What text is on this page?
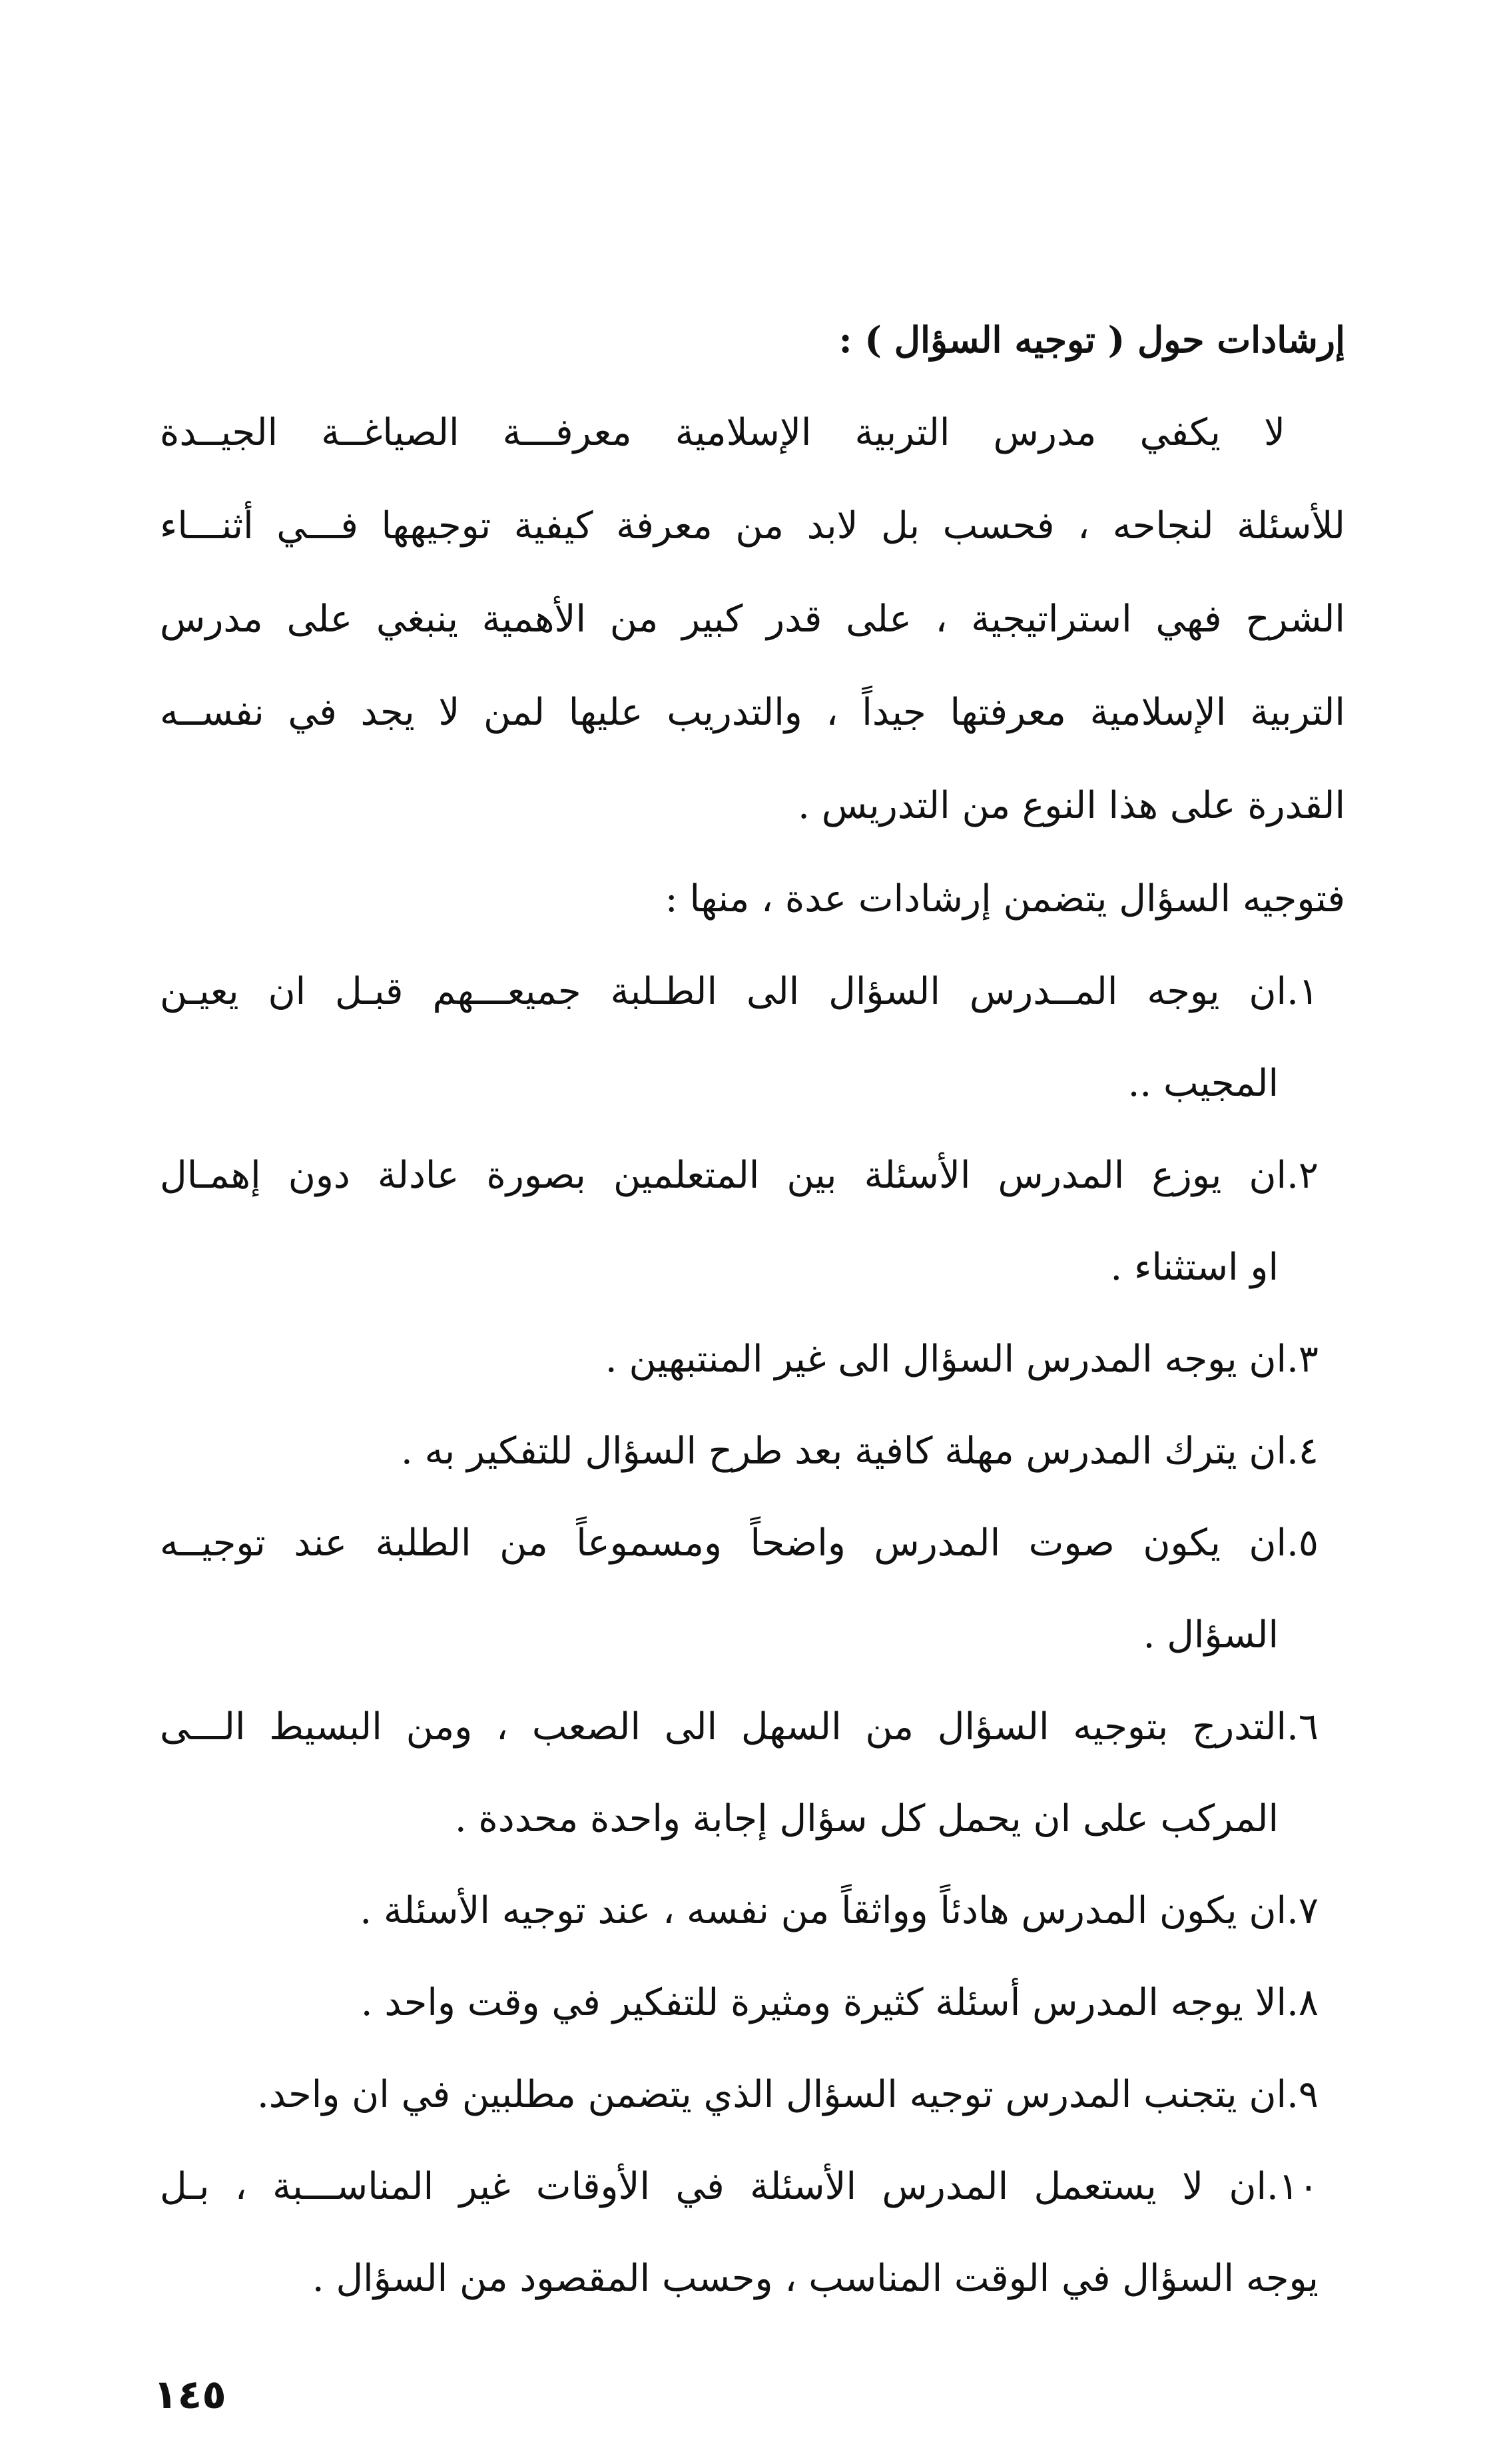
إرشادات حول ( توجيه السؤال ) :

لا يكفي مدرس التربية الإسلامية معرفـــة الصياغــة الجيــدة

للأسئلة لنجاحه ، فحسب بل لابد من معرفة كيفية توجيهها فـــي أثنـــاء

الشرح فهي استراتيجية ، على قدر كبير من الأهمية ينبغي على مدرس

التربية الإسلامية معرفتها جيداً ، والتدريب عليها لمن لا يجد في نفســه

القدرة على هذا النوع من التدريس .

فتوجيه السؤال يتضمن إرشادات عدة ، منها :

١.ان يوجه المــدرس السؤال الى الطـلبة جميعـــهم قبـل ان يعيـن

المجيب ..

٢.ان يوزع المدرس الأسئلة بين المتعلمين بصورة عادلة دون إهمـال

او استثناء .

٣.ان يوجه المدرس السؤال الى غير المنتبهين .

٤.ان يترك المدرس مهلة كافية بعد طرح السؤال للتفكير به .

٥.ان يكون صوت المدرس واضحاً ومسموعاً من الطلبة عند توجيــه

السؤال .

٦.التدرج بتوجيه السؤال من السهل الى الصعب ، ومن البسيط الـــى

المركب على ان يحمل كل سؤال إجابة واحدة محددة .

٧.ان يكون المدرس هادئاً وواثقاً من نفسه ، عند توجيه الأسئلة .

٨.الا يوجه المدرس أسئلة كثيرة ومثيرة للتفكير في وقت واحد .

٩.ان يتجنب المدرس توجيه السؤال الذي يتضمن مطلبين في ان واحد.

١٠.ان لا يستعمل المدرس الأسئلة في الأوقات غير المناســـبة ، بـل

يوجه السؤال في الوقت المناسب ، وحسب المقصود من السؤال .

١٤٥
